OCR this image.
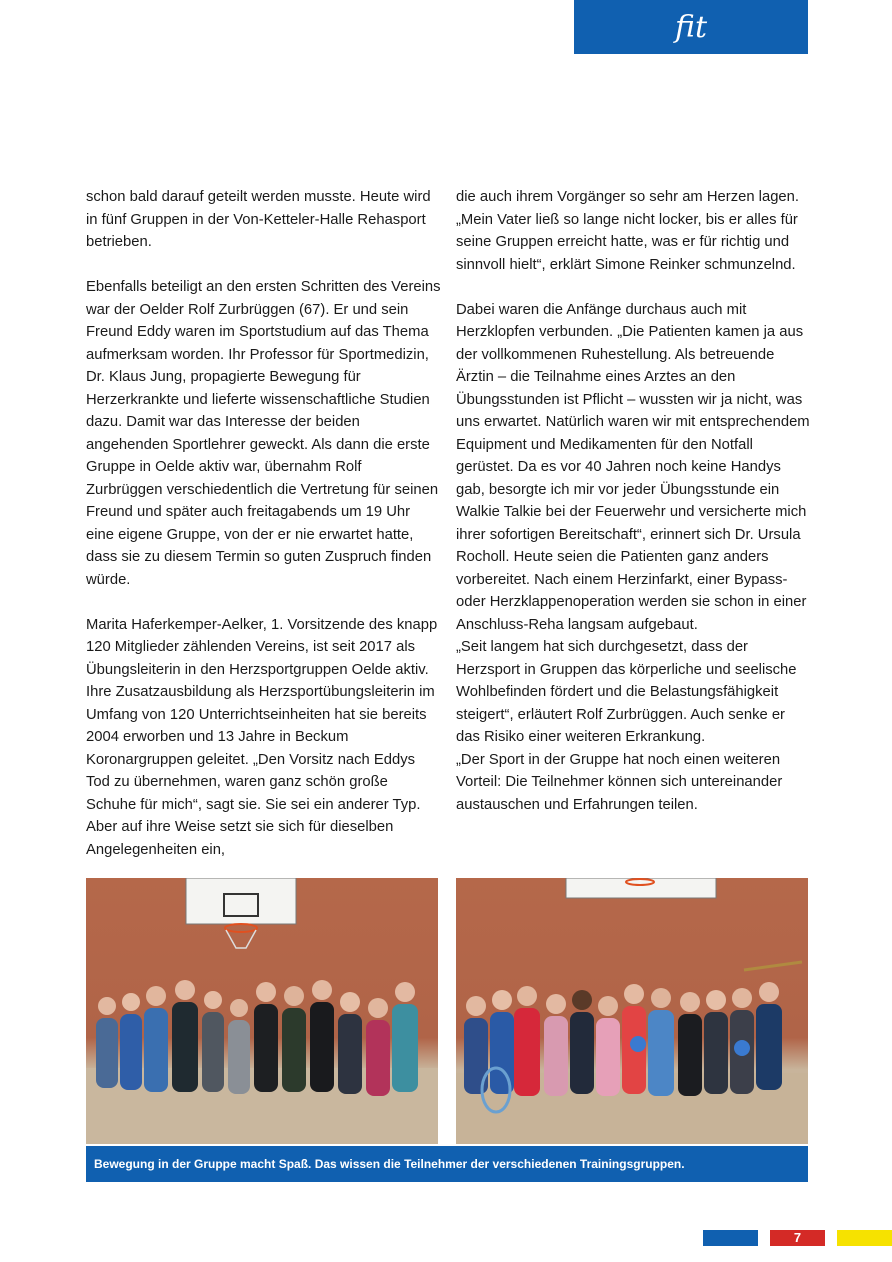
fit

schon bald darauf geteilt werden musste. Heute wird in fünf Gruppen in der Von-Ketteler-Halle Rehasport betrieben.

Ebenfalls beteiligt an den ersten Schritten des Vereins war der Oelder Rolf Zurbrüggen (67). Er und sein Freund Eddy waren im Sportstudium auf das Thema aufmerksam worden. Ihr Professor für Sportmedizin, Dr. Klaus Jung, propagierte Bewegung für Herzerkrankte und lieferte wissenschaftliche Studien dazu. Damit war das Interesse der beiden angehenden Sportlehrer geweckt. Als dann die erste Gruppe in Oelde aktiv war, übernahm Rolf Zurbrüggen verschiedentlich die Vertretung für seinen Freund und später auch freitagabends um 19 Uhr eine eigene Gruppe, von der er nie erwartet hatte, dass sie zu diesem Termin so guten Zuspruch finden würde.

Marita Haferkemper-Aelker, 1. Vorsitzende des knapp 120 Mitglieder zählenden Vereins, ist seit 2017 als Übungsleiterin in den Herzsportgruppen Oelde aktiv. Ihre Zusatzausbildung als Herzsportübungsleiterin im Umfang von 120 Unterrichtseinheiten hat sie bereits 2004 erworben und 13 Jahre in Beckum Koronargruppen geleitet. „Den Vorsitz nach Eddys Tod zu übernehmen, waren ganz schön große Schuhe für mich“, sagt sie. Sie sei ein anderer Typ. Aber auf ihre Weise setzt sie sich für dieselben Angelegenheiten ein,

die auch ihrem Vorgänger so sehr am Herzen lagen. „Mein Vater ließ so lange nicht locker, bis er alles für seine Gruppen erreicht hatte, was er für richtig und sinnvoll hielt“, erklärt Simone Reinker schmunzelnd.

Dabei waren die Anfänge durchaus auch mit Herzklopfen verbunden. „Die Patienten kamen ja aus der vollkommenen Ruhestellung. Als betreuende Ärztin – die Teilnahme eines Arztes an den Übungsstunden ist Pflicht – wussten wir ja nicht, was uns erwartet. Natürlich waren wir mit entsprechendem Equipment und Medikamenten für den Notfall gerüstet. Da es vor 40 Jahren noch keine Handys gab, besorgte ich mir vor jeder Übungsstunde ein Walkie Talkie bei der Feuerwehr und versicherte mich ihrer sofortigen Bereitschaft“, erinnert sich Dr. Ursula Rocholl. Heute seien die Patienten ganz anders vorbereitet. Nach einem Herzinfarkt, einer Bypass- oder Herzklappenoperation werden sie schon in einer Anschluss-Reha langsam aufgebaut.

„Seit langem hat sich durchgesetzt, dass der Herzsport in Gruppen das körperliche und seelische Wohlbefinden fördert und die Belastungsfähigkeit steigert“, erläutert Rolf Zurbrüggen. Auch senke er das Risiko einer weiteren Erkrankung.

„Der Sport in der Gruppe hat noch einen weiteren Vorteil: Die Teilnehmer können sich untereinander austauschen und Erfahrungen teilen.

Bewegung in der Gruppe macht Spaß. Das wissen die Teilnehmer der verschiedenen Trainingsgruppen.
7
